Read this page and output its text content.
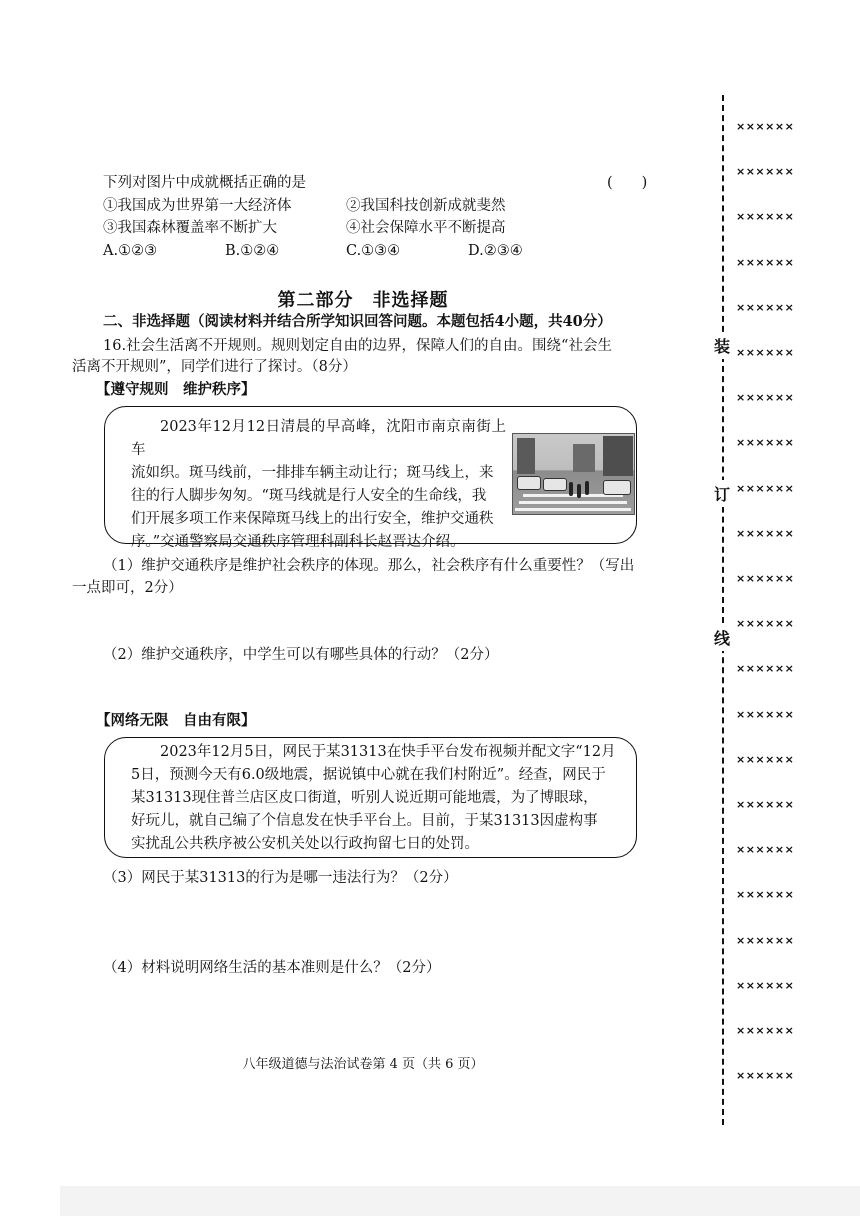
下列对图片中成就概括正确的是	(　　)
①我国成为世界第一大经济体	②我国科技创新成就斐然
③我国森林覆盖率不断扩大	④社会保障水平不断提高
A.①②③	B.①②④	C.①③④	D.②③④
第二部分　非选择题
二、非选择题（阅读材料并结合所学知识回答问题。本题包括4小题，共40分）
16.社会生活离不开规则。规则划定自由的边界，保障人们的自由。围绕“社会生
活离不开规则”，同学们进行了探讨。（8分）
【遵守规则　维护秩序】

2023年12月12日清晨的早高峰，沈阳市南京南街上车

流如织。斑马线前，一排排车辆主动让行；斑马线上，来

往的行人脚步匆匆。“斑马线就是行人安全的生命线，我

们开展多项工作来保障斑马线上的出行安全，维护交通秩

序。”交通警察局交通秩序管理科副科长赵晋达介绍。

（1）维护交通秩序是维护社会秩序的体现。那么，社会秩序有什么重要性？（写出
一点即可，2分）
（2）维护交通秩序，中学生可以有哪些具体的行动？（2分）
【网络无限　自由有限】

2023年12月5日，网民于某31313在快手平台发布视频并配文字“12月

5日，预测今天有6.0级地震，据说镇中心就在我们村附近”。经查，网民于

某31313现住普兰店区皮口街道，听别人说近期可能地震，为了博眼球，

好玩儿，就自己编了个信息发在快手平台上。目前，于某31313因虚构事

实扰乱公共秩序被公安机关处以行政拘留七日的处罚。

（3）网民于某31313的行为是哪一违法行为？（2分）
（4）材料说明网络生活的基本准则是什么？（2分）
八年级道德与法治试卷第 4 页（共 6 页）
装
订
线
××××××
××××××
××××××
××××××
××××××
××××××
××××××
××××××
××××××
××××××
××××××
××××××
××××××
××××××
××××××
××××××
××××××
××××××
××××××
××××××
××××××
××××××
